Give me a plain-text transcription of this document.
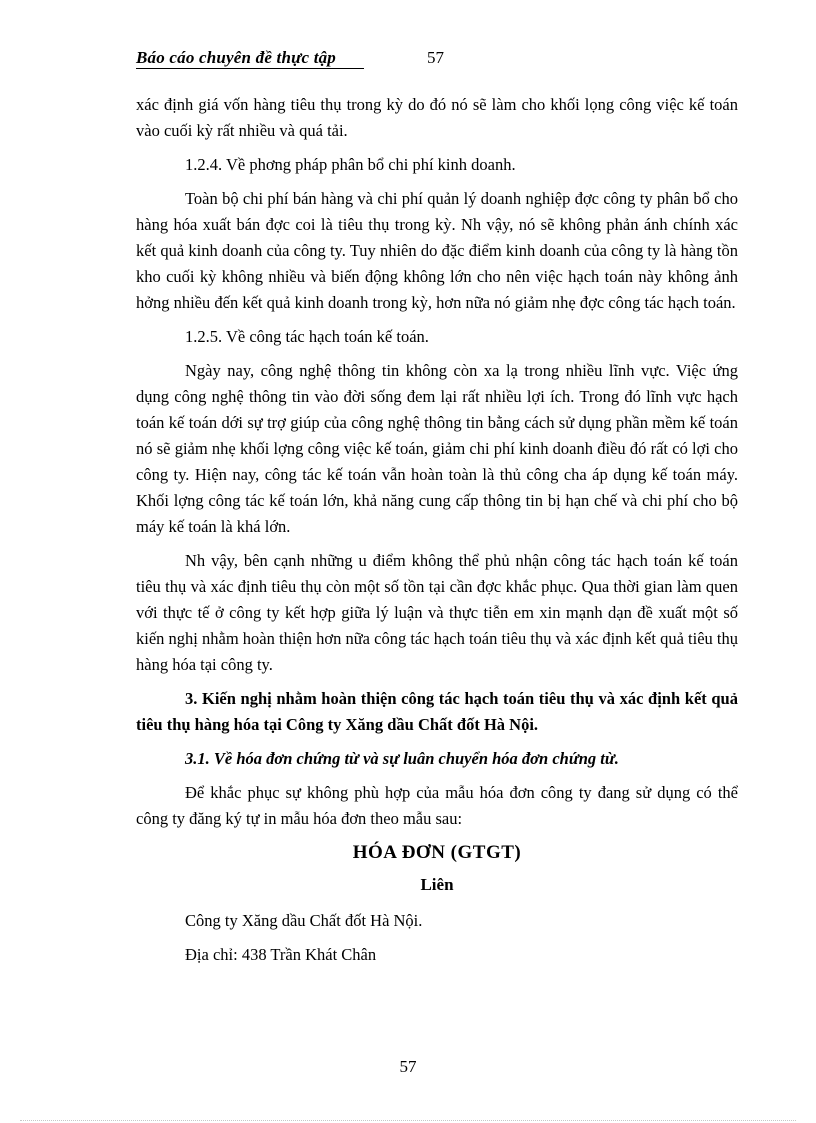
Báo cáo chuyên đề thực tập	57

xác định giá vốn hàng tiêu thụ trong kỳ do đó nó sẽ làm cho khối lọng công việc kế toán vào cuối kỳ rất nhiều và quá tải.

1.2.4. Về phơng pháp phân bổ chi phí kinh doanh.

Toàn bộ chi phí bán hàng và chi phí quản lý doanh nghiệp đợc công ty phân bổ cho hàng hóa xuất bán đợc coi là tiêu thụ trong kỳ. Nh vậy, nó sẽ không phản ánh chính xác kết quả kinh doanh của công ty. Tuy nhiên do đặc điểm kinh doanh của công ty là hàng tồn kho cuối kỳ không nhiều và biến động không lớn cho nên việc hạch toán này không ảnh hởng nhiều đến kết quả kinh doanh trong kỳ, hơn nữa nó giảm nhẹ đợc công tác hạch toán.

1.2.5. Về công tác hạch toán kế toán.

Ngày nay, công nghệ thông tin không còn xa lạ trong nhiều lĩnh vực. Việc ứng dụng công nghệ thông tin vào đời sống đem lại rất nhiều lợi ích. Trong đó lĩnh vực hạch toán kế toán dới sự trợ giúp của công nghệ thông tin bằng cách sử dụng phần mềm kế toán nó sẽ giảm nhẹ khối lợng công việc kế toán, giảm chi phí kinh doanh điều đó rất có lợi cho công ty. Hiện nay, công tác kế toán vẫn hoàn toàn là thủ công cha áp dụng kế toán máy. Khối lợng công tác kế toán lớn, khả năng cung cấp thông tin bị hạn chế và chi phí cho bộ máy kế toán là khá lớn.

Nh vậy, bên cạnh những u điểm không thể phủ nhận công tác hạch toán kế toán tiêu thụ và xác định tiêu thụ còn một số tồn tại cần đợc khắc phục. Qua thời gian làm quen với thực tế ở công ty kết hợp giữa lý luận và thực tiễn em xin mạnh dạn đề xuất một số kiến nghị nhằm hoàn thiện hơn nữa công tác hạch toán tiêu thụ và xác định kết quả tiêu thụ hàng hóa tại công ty.

3. Kiến nghị nhằm hoàn thiện công tác hạch toán tiêu thụ và xác định kết quả tiêu thụ hàng hóa tại Công ty Xăng dầu Chất đốt Hà Nội.

3.1. Về hóa đơn chứng từ và sự luân chuyển hóa đơn chứng từ.

Để khắc phục sự không phù hợp của mẫu hóa đơn công ty đang sử dụng có thể công ty đăng ký tự in mẫu hóa đơn theo mẫu sau:

HÓA ĐƠN (GTGT)

Liên

Công ty Xăng dầu Chất đốt Hà Nội.

Địa chỉ: 438 Trần Khát Chân

57
